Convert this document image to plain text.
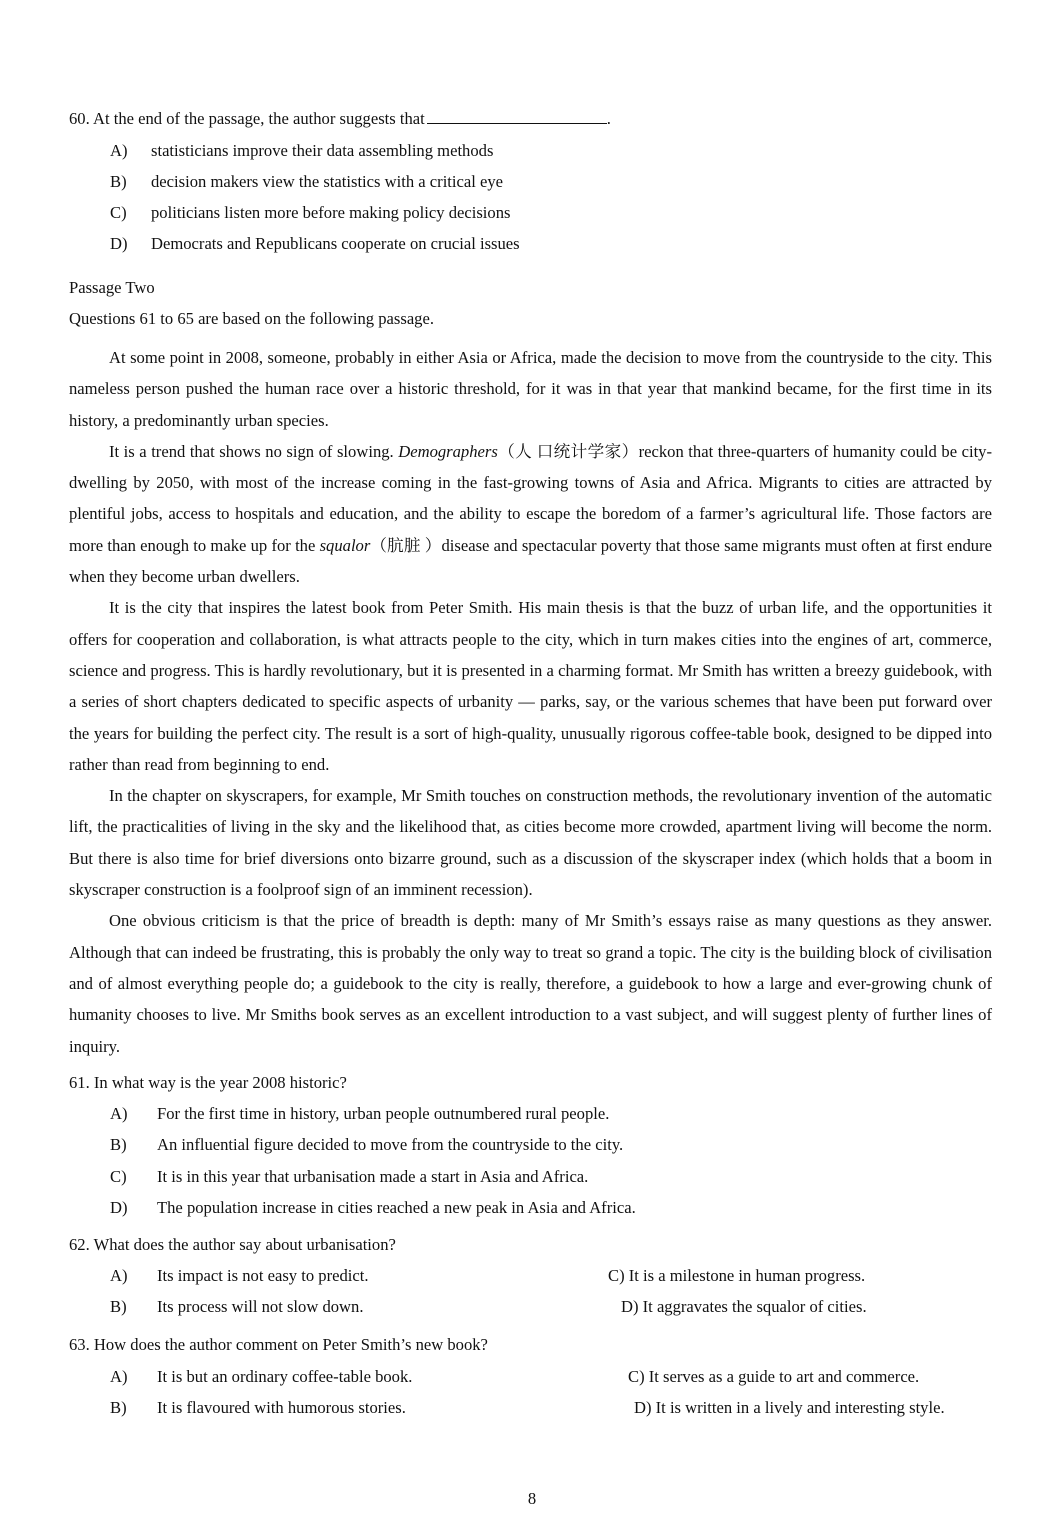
60. At the end of the passage, the author suggests that	.
A) statisticians improve their data assembling methods
B) decision makers view the statistics with a critical eye
C) politicians listen more before making policy decisions
D) Democrats and Republicans cooperate on crucial issues
Passage Two
Questions 61 to 65 are based on the following passage.

At some point in 2008, someone, probably in either Asia or Africa, made the decision to move from the countryside to the city. This nameless person pushed the human race over a historic threshold, for it was in that year that mankind became, for the first time in its history, a predominantly urban species.

It is a trend that shows no sign of slowing. Demographers（人 口统计学家）reckon that three-quarters of humanity could be city-dwelling by 2050, with most of the increase coming in the fast-growing towns of Asia and Africa. Migrants to cities are attracted by plentiful jobs, access to hospitals and education, and the ability to escape the boredom of a farmer’s agricultural life. Those factors are more than enough to make up for the squalor（肮脏 ）disease and spectacular poverty that those same migrants must often at first endure when they become urban dwellers.

It is the city that inspires the latest book from Peter Smith. His main thesis is that the buzz of urban life, and the opportunities it offers for cooperation and collaboration, is what attracts people to the city, which in turn makes cities into the engines of art, commerce, science and progress. This is hardly revolutionary, but it is presented in a charming format. Mr Smith has written a breezy guidebook, with a series of short chapters dedicated to specific aspects of urbanity — parks, say, or the various schemes that have been put forward over the years for building the perfect city. The result is a sort of high-quality, unusually rigorous coffee-table book, designed to be dipped into rather than read from beginning to end.

In the chapter on skyscrapers, for example, Mr Smith touches on construction methods, the revolutionary invention of the automatic lift, the practicalities of living in the sky and the likelihood that, as cities become more crowded, apartment living will become the norm. But there is also time for brief diversions onto bizarre ground, such as a discussion of the skyscraper index (which holds that a boom in skyscraper construction is a foolproof sign of an imminent recession).

One obvious criticism is that the price of breadth is depth: many of Mr Smith’s essays raise as many questions as they answer. Although that can indeed be frustrating, this is probably the only way to treat so grand a topic. The city is the building block of civilisation and of almost everything people do; a guidebook to the city is really, therefore, a guidebook to how a large and ever-growing chunk of humanity chooses to live. Mr Smiths book serves as an excellent introduction to a vast subject, and will suggest plenty of further lines of inquiry.

61. In what way is the year 2008 historic?
A) For the first time in history, urban people outnumbered rural people.
B) An influential figure decided to move from the countryside to the city.
C) It is in this year that urbanisation made a start in Asia and Africa.
D) The population increase in cities reached a new peak in Asia and Africa.
62. What does the author say about urbanisation?
A) Its impact is not easy to predict.	C) It is a milestone in human progress.
B) Its process will not slow down.	D) It aggravates the squalor of cities.
63. How does the author comment on Peter Smith’s new book?
A) It is but an ordinary coffee-table book.	C) It serves as a guide to art and commerce.
B) It is flavoured with humorous stories.	D) It is written in a lively and interesting style.
8
